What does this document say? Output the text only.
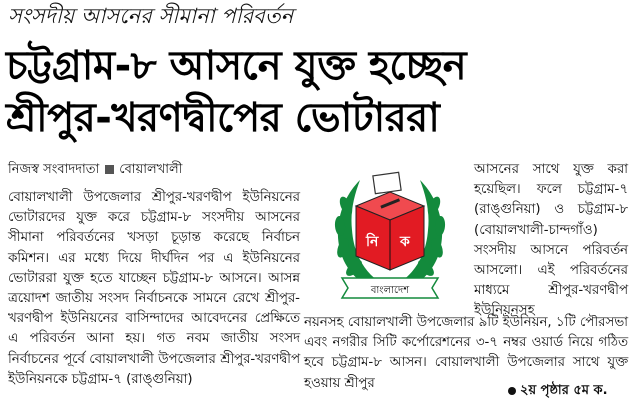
সংসদীয় আসনের সীমানা পরিবর্তন
চট্টগ্রাম-৮ আসনে যুক্ত হচ্ছেন
শ্রীপুর-খরণদ্বীপের ভোটাররা
নিজস্ব সংবাদদাতা বোয়ালখালী

বোয়ালখালী উপজেলার শ্রীপুর-খরণদ্বীপ ইউনিয়নের ভোটারদের যুক্ত করে চট্টগ্রাম-৮ সংসদীয় আসনের সীমানা পরিবর্তনের খসড়া চূড়ান্ত করেছে নির্বাচন কমিশন। এর মধ্যে দিয়ে দীর্ঘদিন পর এ ইউনিয়নের ভোটাররা যুক্ত হতে যাচ্ছেন চট্টগ্রাম-৮ আসনে। আসন্ন ত্রয়োদশ জাতীয় সংসদ নির্বাচনকে সামনে রেখে শ্রীপুর-খরণদ্বীপ ইউনিয়নের বাসিন্দাদের আবেদনের প্রেক্ষিতে এ পরিবর্তন আনা হয়। গত নবম জাতীয় সংসদ নির্বাচনের পূর্বে বোয়ালখালী উপজেলার শ্রীপুর-খরণদ্বীপ ইউনিয়নকে চট্টগ্রাম-৭ (রাঙ্গুনিয়া)

নি ক
বাংলাদেশ

আসনের সাথে যুক্ত করা হয়েছিল। ফলে চট্টগ্রাম-৭ (রাঙ্গুনিয়া) ও চট্টগ্রাম-৮ (বোয়ালখালী-চান্দগাঁও) সংসদীয় আসনে পরিবর্তন আসলো। এই পরিবর্তনের মাধ্যমে শ্রীপুর-খরণদ্বীপ ইউনিয়নসহ

নয়নসহ বোয়ালখালী উপজেলার ৯টি ইউনিয়ন, ১টি পৌরসভা এবং নগরীর সিটি কর্পোরেশনের ৩-৭ নম্বর ওয়ার্ড নিয়ে গঠিত হবে চট্টগ্রাম-৮ আসন। বোয়ালখালী উপজেলার সাথে যুক্ত হওয়ায় শ্রীপুর	২য় পৃষ্ঠার ৫ম ক.
